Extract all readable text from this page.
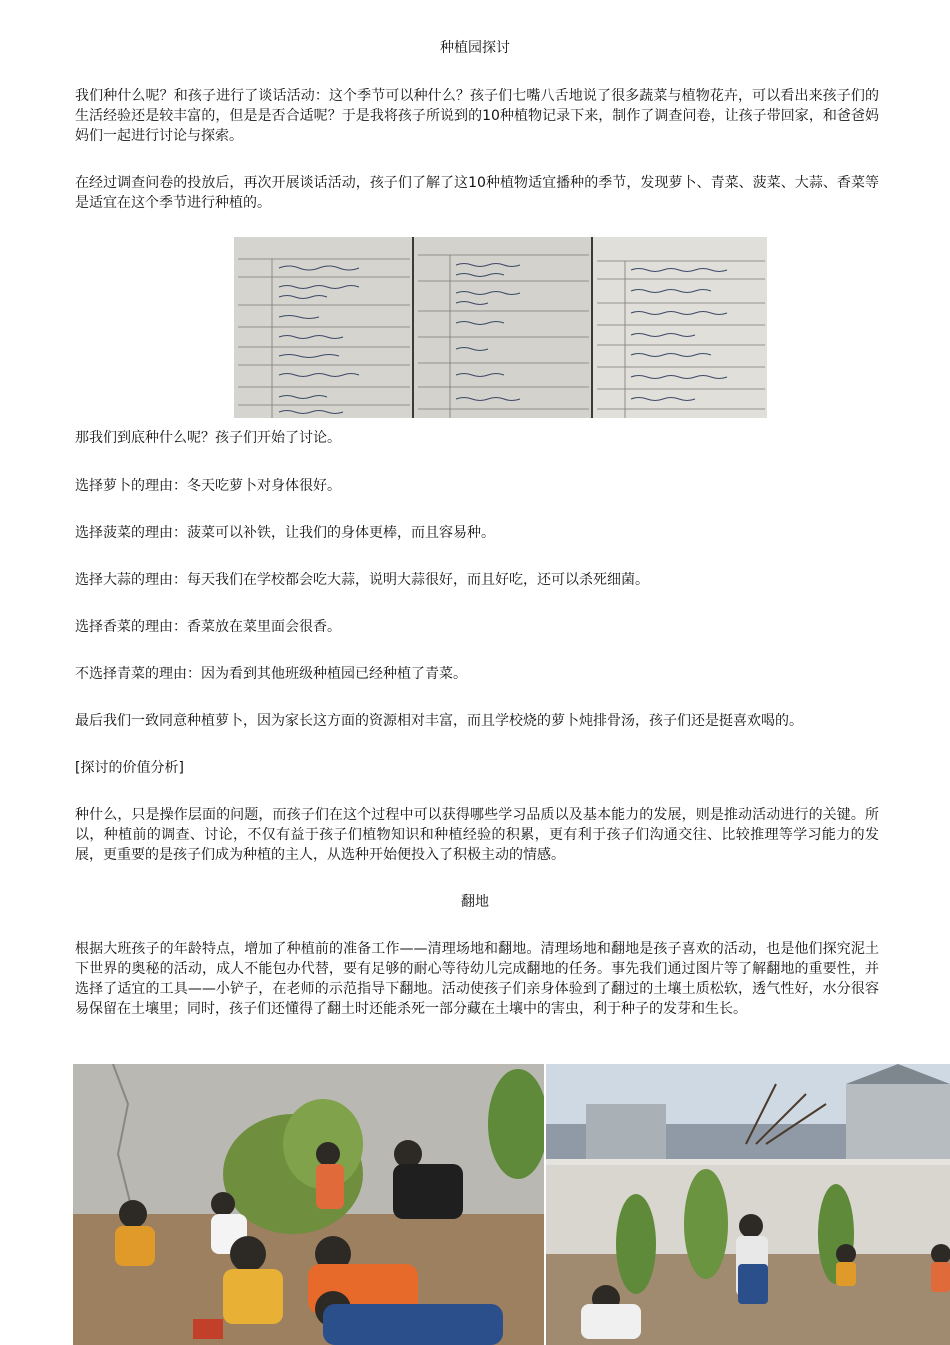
种植园探讨

我们种什么呢？和孩子进行了谈话活动：这个季节可以种什么？孩子们七嘴八舌地说了很多蔬菜与植物花卉，可以看出来孩子们的生活经验还是较丰富的，但是是否合适呢？于是我将孩子所说到的10种植物记录下来，制作了调查问卷，让孩子带回家，和爸爸妈妈们一起进行讨论与探索。

在经过调查问卷的投放后，再次开展谈话活动，孩子们了解了这10种植物适宜播种的季节，发现萝卜、青菜、菠菜、大蒜、香菜等是适宜在这个季节进行种植的。

那我们到底种什么呢？孩子们开始了讨论。

选择萝卜的理由：冬天吃萝卜对身体很好。

选择菠菜的理由：菠菜可以补铁，让我们的身体更棒，而且容易种。

选择大蒜的理由：每天我们在学校都会吃大蒜，说明大蒜很好，而且好吃，还可以杀死细菌。

选择香菜的理由：香菜放在菜里面会很香。

不选择青菜的理由：因为看到其他班级种植园已经种植了青菜。

最后我们一致同意种植萝卜，因为家长这方面的资源相对丰富，而且学校烧的萝卜炖排骨汤，孩子们还是挺喜欢喝的。

[探讨的价值分析]

种什么，只是操作层面的问题，而孩子们在这个过程中可以获得哪些学习品质以及基本能力的发展，则是推动活动进行的关键。所以，种植前的调查、讨论，不仅有益于孩子们植物知识和种植经验的积累，更有利于孩子们沟通交往、比较推理等学习能力的发展，更重要的是孩子们成为种植的主人，从选种开始便投入了积极主动的情感。

翻地

根据大班孩子的年龄特点，增加了种植前的准备工作——清理场地和翻地。清理场地和翻地是孩子喜欢的活动，也是他们探究泥土下世界的奥秘的活动，成人不能包办代替，要有足够的耐心等待幼儿完成翻地的任务。事先我们通过图片等了解翻地的重要性，并选择了适宜的工具——小铲子，在老师的示范指导下翻地。活动使孩子们亲身体验到了翻过的土壤土质松软，透气性好，水分很容易保留在土壤里；同时，孩子们还懂得了翻土时还能杀死一部分藏在土壤中的害虫，利于种子的发芽和生长。
